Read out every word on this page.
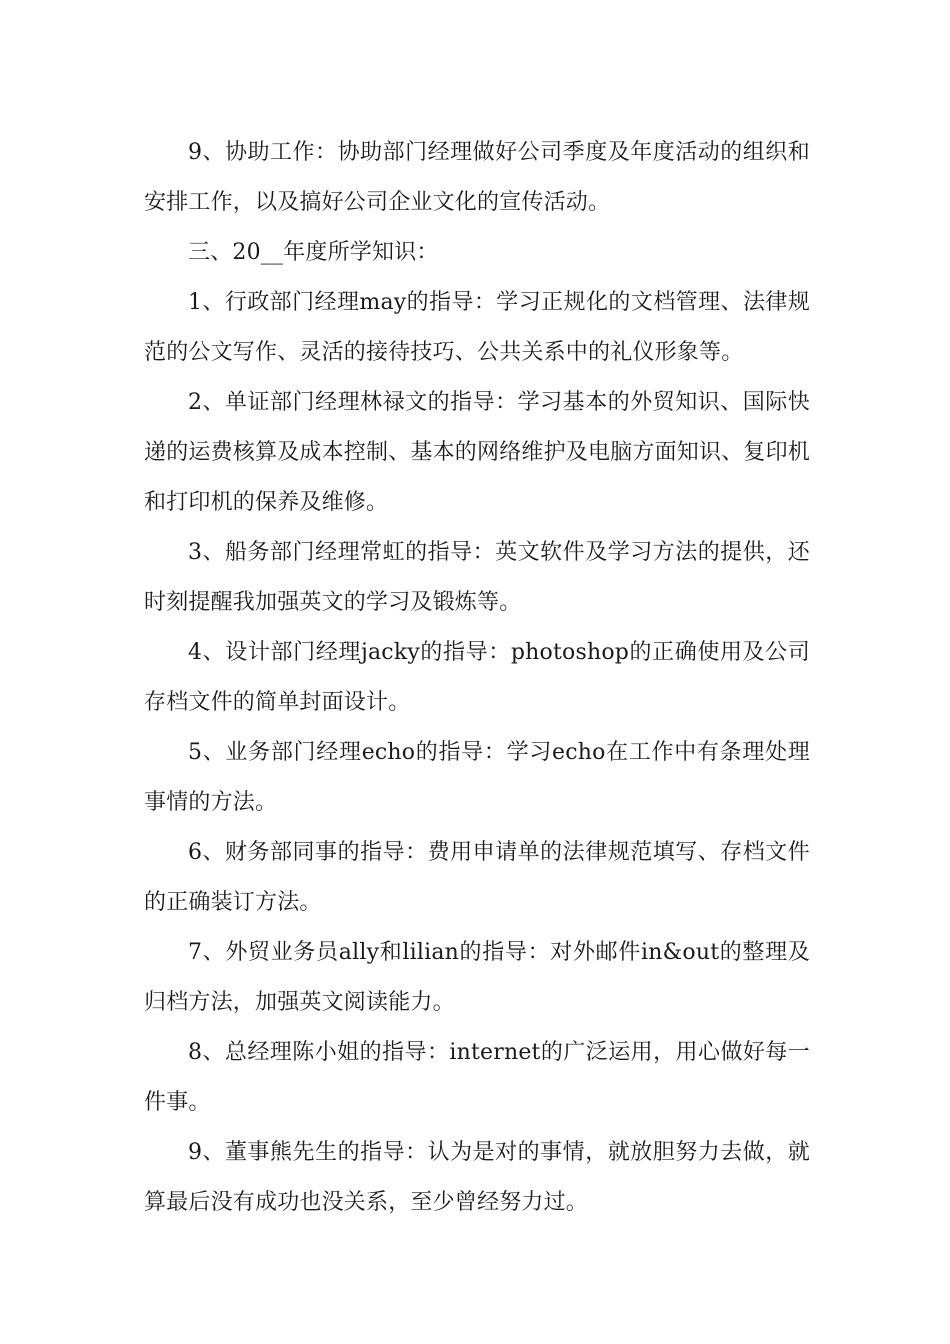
9、协助工作：协助部门经理做好公司季度及年度活动的组织和安排工作，以及搞好公司企业文化的宣传活动。

三、20__年度所学知识：

1、行政部门经理may的指导：学习正规化的文档管理、法律规范的公文写作、灵活的接待技巧、公共关系中的礼仪形象等。

2、单证部门经理林禄文的指导：学习基本的外贸知识、国际快递的运费核算及成本控制、基本的网络维护及电脑方面知识、复印机和打印机的保养及维修。

3、船务部门经理常虹的指导：英文软件及学习方法的提供，还时刻提醒我加强英文的学习及锻炼等。

4、设计部门经理jacky的指导：photoshop的正确使用及公司存档文件的简单封面设计。

5、业务部门经理echo的指导：学习echo在工作中有条理处理事情的方法。

6、财务部同事的指导：费用申请单的法律规范填写、存档文件的正确装订方法。

7、外贸业务员ally和lilian的指导：对外邮件in&out的整理及归档方法，加强英文阅读能力。

8、总经理陈小姐的指导：internet的广泛运用，用心做好每一件事。

9、董事熊先生的指导：认为是对的事情，就放胆努力去做，就算最后没有成功也没关系，至少曾经努力过。
